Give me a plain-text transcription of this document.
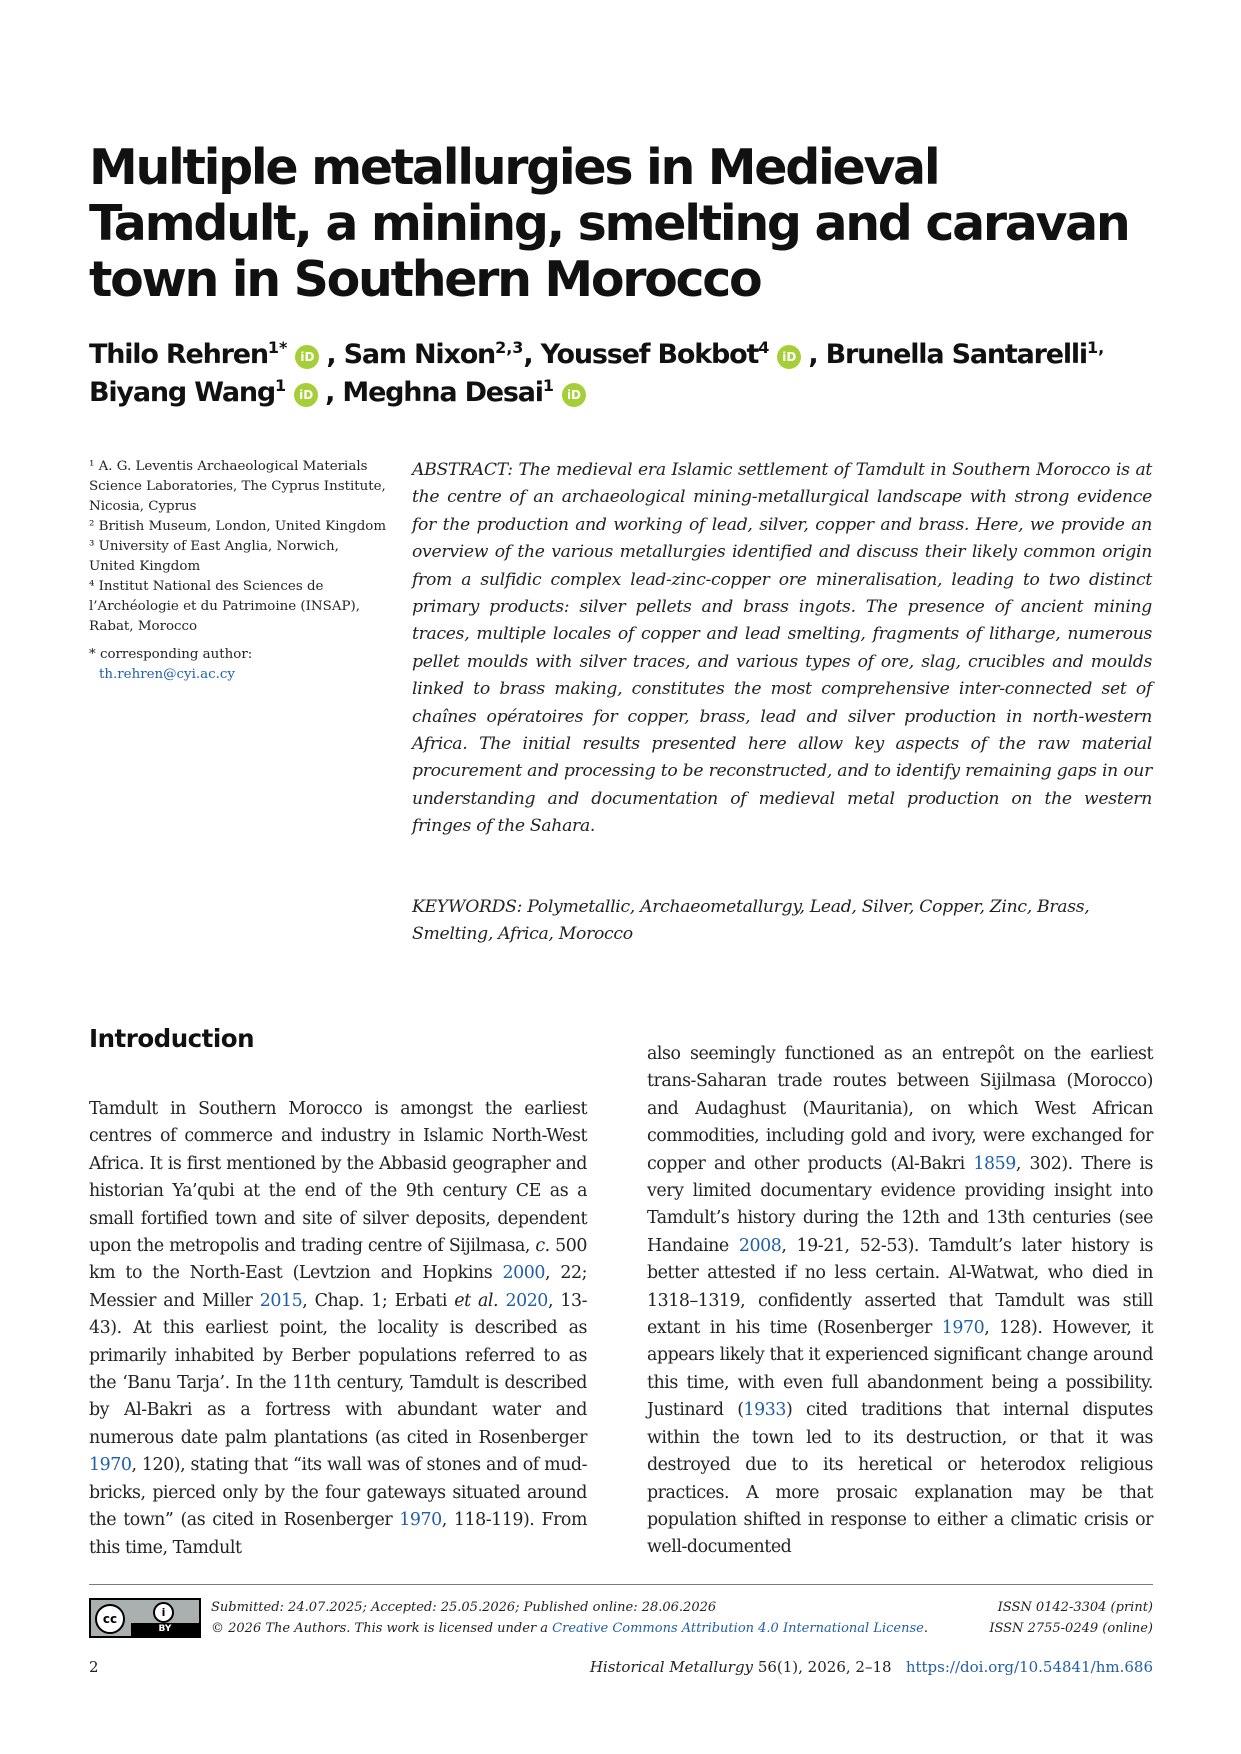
Multiple metallurgies in Medieval Tamdult, a mining, smelting and caravan town in Southern Morocco
Thilo Rehren$^{1*}$ iD , Sam Nixon$^{2,3}$, Youssef Bokbot$^4$ iD , Brunella Santarelli$^{1,}$
Biyang Wang$^1$ iD , Meghna Desai$^1$ iD

¹ A. G. Leventis Archaeological Materials Science Laboratories, The Cyprus Institute, Nicosia, Cyprus

² British Museum, London, United Kingdom

³ University of East Anglia, Norwich, United Kingdom

⁴ Institut National des Sciences de l’Archéologie et du Patrimoine (INSAP), Rabat, Morocco

* corresponding author:

th.rehren@cyi.ac.cy

ABSTRACT: The medieval era Islamic settlement of Tamdult in Southern Morocco is at the centre of an archaeological mining-metallurgical landscape with strong evidence for the production and working of lead, silver, copper and brass. Here, we provide an overview of the various metallurgies identified and discuss their likely common origin from a sulfidic complex lead-zinc-copper ore mineralisation, leading to two distinct primary products: silver pellets and brass ingots. The presence of ancient mining traces, multiple locales of copper and lead smelting, fragments of litharge, numerous pellet moulds with silver traces, and various types of ore, slag, crucibles and moulds linked to brass making, constitutes the most comprehensive inter-connected set of chaînes opératoires for copper, brass, lead and silver production in north-western Africa. The initial results presented here allow key aspects of the raw material procurement and processing to be reconstructed, and to identify remaining gaps in our understanding and documentation of medieval metal production on the western fringes of the Sahara.

KEYWORDS: Polymetallic, Archaeometallurgy, Lead, Silver, Copper, Zinc, Brass, Smelting, Africa, Morocco

Introduction

Tamdult in Southern Morocco is amongst the earliest centres of commerce and industry in Islamic North-West Africa. It is first mentioned by the Abbasid geographer and historian Ya’qubi at the end of the 9th century CE as a small fortified town and site of silver deposits, dependent upon the metropolis and trading centre of Sijilmasa, c. 500 km to the North-East (Levtzion and Hopkins 2000, 22; Messier and Miller 2015, Chap. 1; Erbati et al. 2020, 13-43). At this earliest point, the locality is described as primarily inhabited by Berber populations referred to as the ‘Banu Tarja’. In the 11th century, Tamdult is described by Al-Bakri as a fortress with abundant water and numerous date palm plantations (as cited in Rosenberger 1970, 120), stating that “its wall was of stones and of mud-bricks, pierced only by the four gateways situated around the town” (as cited in Rosenberger 1970, 118-119). From this time, Tamdult

also seemingly functioned as an entrepôt on the earliest trans-Saharan trade routes between Sijilmasa (Morocco) and Audaghust (Mauritania), on which West African commodities, including gold and ivory, were exchanged for copper and other products (Al-Bakri 1859, 302). There is very limited documentary evidence providing insight into Tamdult’s history during the 12th and 13th centuries (see Handaine 2008, 19-21, 52-53). Tamdult’s later history is better attested if no less certain. Al-Watwat, who died in 1318–1319, confidently asserted that Tamdult was still extant in his time (Rosenberger 1970, 128). However, it appears likely that it experienced significant change around this time, with even full abandonment being a possibility. Justinard (1933) cited traditions that internal disputes within the town led to its destruction, or that it was destroyed due to its heretical or heterodox religious practices. A more prosaic explanation may be that population shifted in response to either a climatic crisis or well-documented

cc	i
BY

Submitted: 24.07.2025; Accepted: 25.05.2026; Published online: 28.06.2026
© 2026 The Authors. This work is licensed under a Creative Commons Attribution 4.0 International License.

ISSN 0142-3304 (print)
ISSN 2755-0249 (online)

2	Historical Metallurgy 56(1), 2026, 2–18 https://doi.org/10.54841/hm.686
